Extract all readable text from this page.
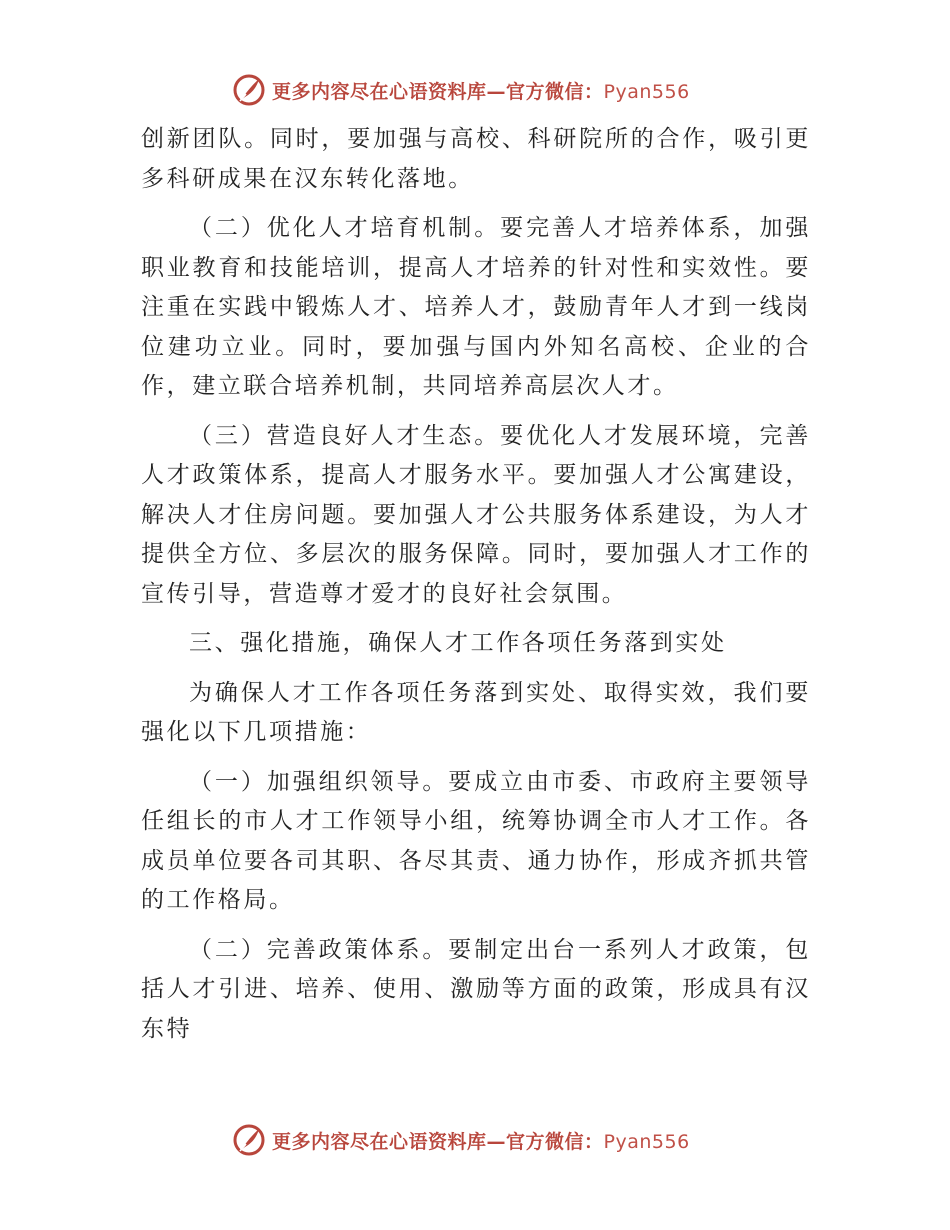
更多内容尽在心语资料库—官方微信：Pyan556

创新团队。同时，要加强与高校、科研院所的合作，吸引更多科研成果在汉东转化落地。

（二）优化人才培育机制。要完善人才培养体系，加强职业教育和技能培训，提高人才培养的针对性和实效性。要注重在实践中锻炼人才、培养人才，鼓励青年人才到一线岗位建功立业。同时，要加强与国内外知名高校、企业的合作，建立联合培养机制，共同培养高层次人才。

（三）营造良好人才生态。要优化人才发展环境，完善人才政策体系，提高人才服务水平。要加强人才公寓建设，解决人才住房问题。要加强人才公共服务体系建设，为人才提供全方位、多层次的服务保障。同时，要加强人才工作的宣传引导，营造尊才爱才的良好社会氛围。

三、强化措施，确保人才工作各项任务落到实处

为确保人才工作各项任务落到实处、取得实效，我们要强化以下几项措施：

（一）加强组织领导。要成立由市委、市政府主要领导任组长的市人才工作领导小组，统筹协调全市人才工作。各成员单位要各司其职、各尽其责、通力协作，形成齐抓共管的工作格局。

（二）完善政策体系。要制定出台一系列人才政策，包括人才引进、培养、使用、激励等方面的政策，形成具有汉东特

更多内容尽在心语资料库—官方微信：Pyan556
